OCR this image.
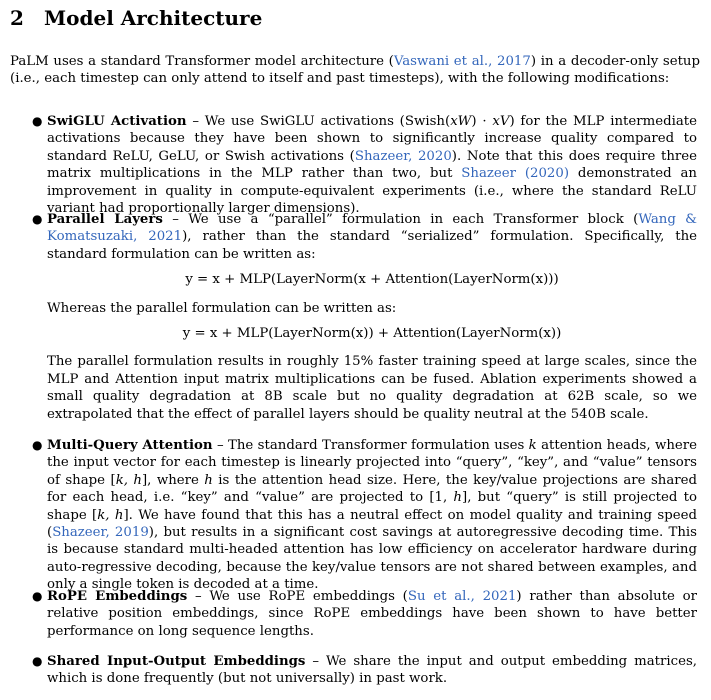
2 Model Architecture
PaLM uses a standard Transformer model architecture (Vaswani et al., 2017) in a decoder-only setup (i.e., each timestep can only attend to itself and past timesteps), with the following modifications:
● SwiGLU Activation – We use SwiGLU activations (Swish(xW) · xV) for the MLP intermediate activations because they have been shown to significantly increase quality compared to standard ReLU, GeLU, or Swish activations (Shazeer, 2020). Note that this does require three matrix multiplications in the MLP rather than two, but Shazeer (2020) demonstrated an improvement in quality in compute-equivalent experiments (i.e., where the standard ReLU variant had proportionally larger dimensions).
● Parallel Layers – We use a “parallel” formulation in each Transformer block (Wang & Komatsuzaki, 2021), rather than the standard “serialized” formulation. Specifically, the standard formulation can be written as:
y = x + MLP(LayerNorm(x + Attention(LayerNorm(x)))
Whereas the parallel formulation can be written as:
y = x + MLP(LayerNorm(x)) + Attention(LayerNorm(x))
The parallel formulation results in roughly 15% faster training speed at large scales, since the MLP and Attention input matrix multiplications can be fused. Ablation experiments showed a small quality degradation at 8B scale but no quality degradation at 62B scale, so we extrapolated that the effect of parallel layers should be quality neutral at the 540B scale.
● Multi-Query Attention – The standard Transformer formulation uses k attention heads, where the input vector for each timestep is linearly projected into “query”, “key”, and “value” tensors of shape [k, h], where h is the attention head size. Here, the key/value projections are shared for each head, i.e. “key” and “value” are projected to [1, h], but “query” is still projected to shape [k, h]. We have found that this has a neutral effect on model quality and training speed (Shazeer, 2019), but results in a significant cost savings at autoregressive decoding time. This is because standard multi-headed attention has low efficiency on accelerator hardware during auto-regressive decoding, because the key/value tensors are not shared between examples, and only a single token is decoded at a time.
● RoPE Embeddings – We use RoPE embeddings (Su et al., 2021) rather than absolute or relative position embeddings, since RoPE embeddings have been shown to have better performance on long sequence lengths.
● Shared Input-Output Embeddings – We share the input and output embedding matrices, which is done frequently (but not universally) in past work.
